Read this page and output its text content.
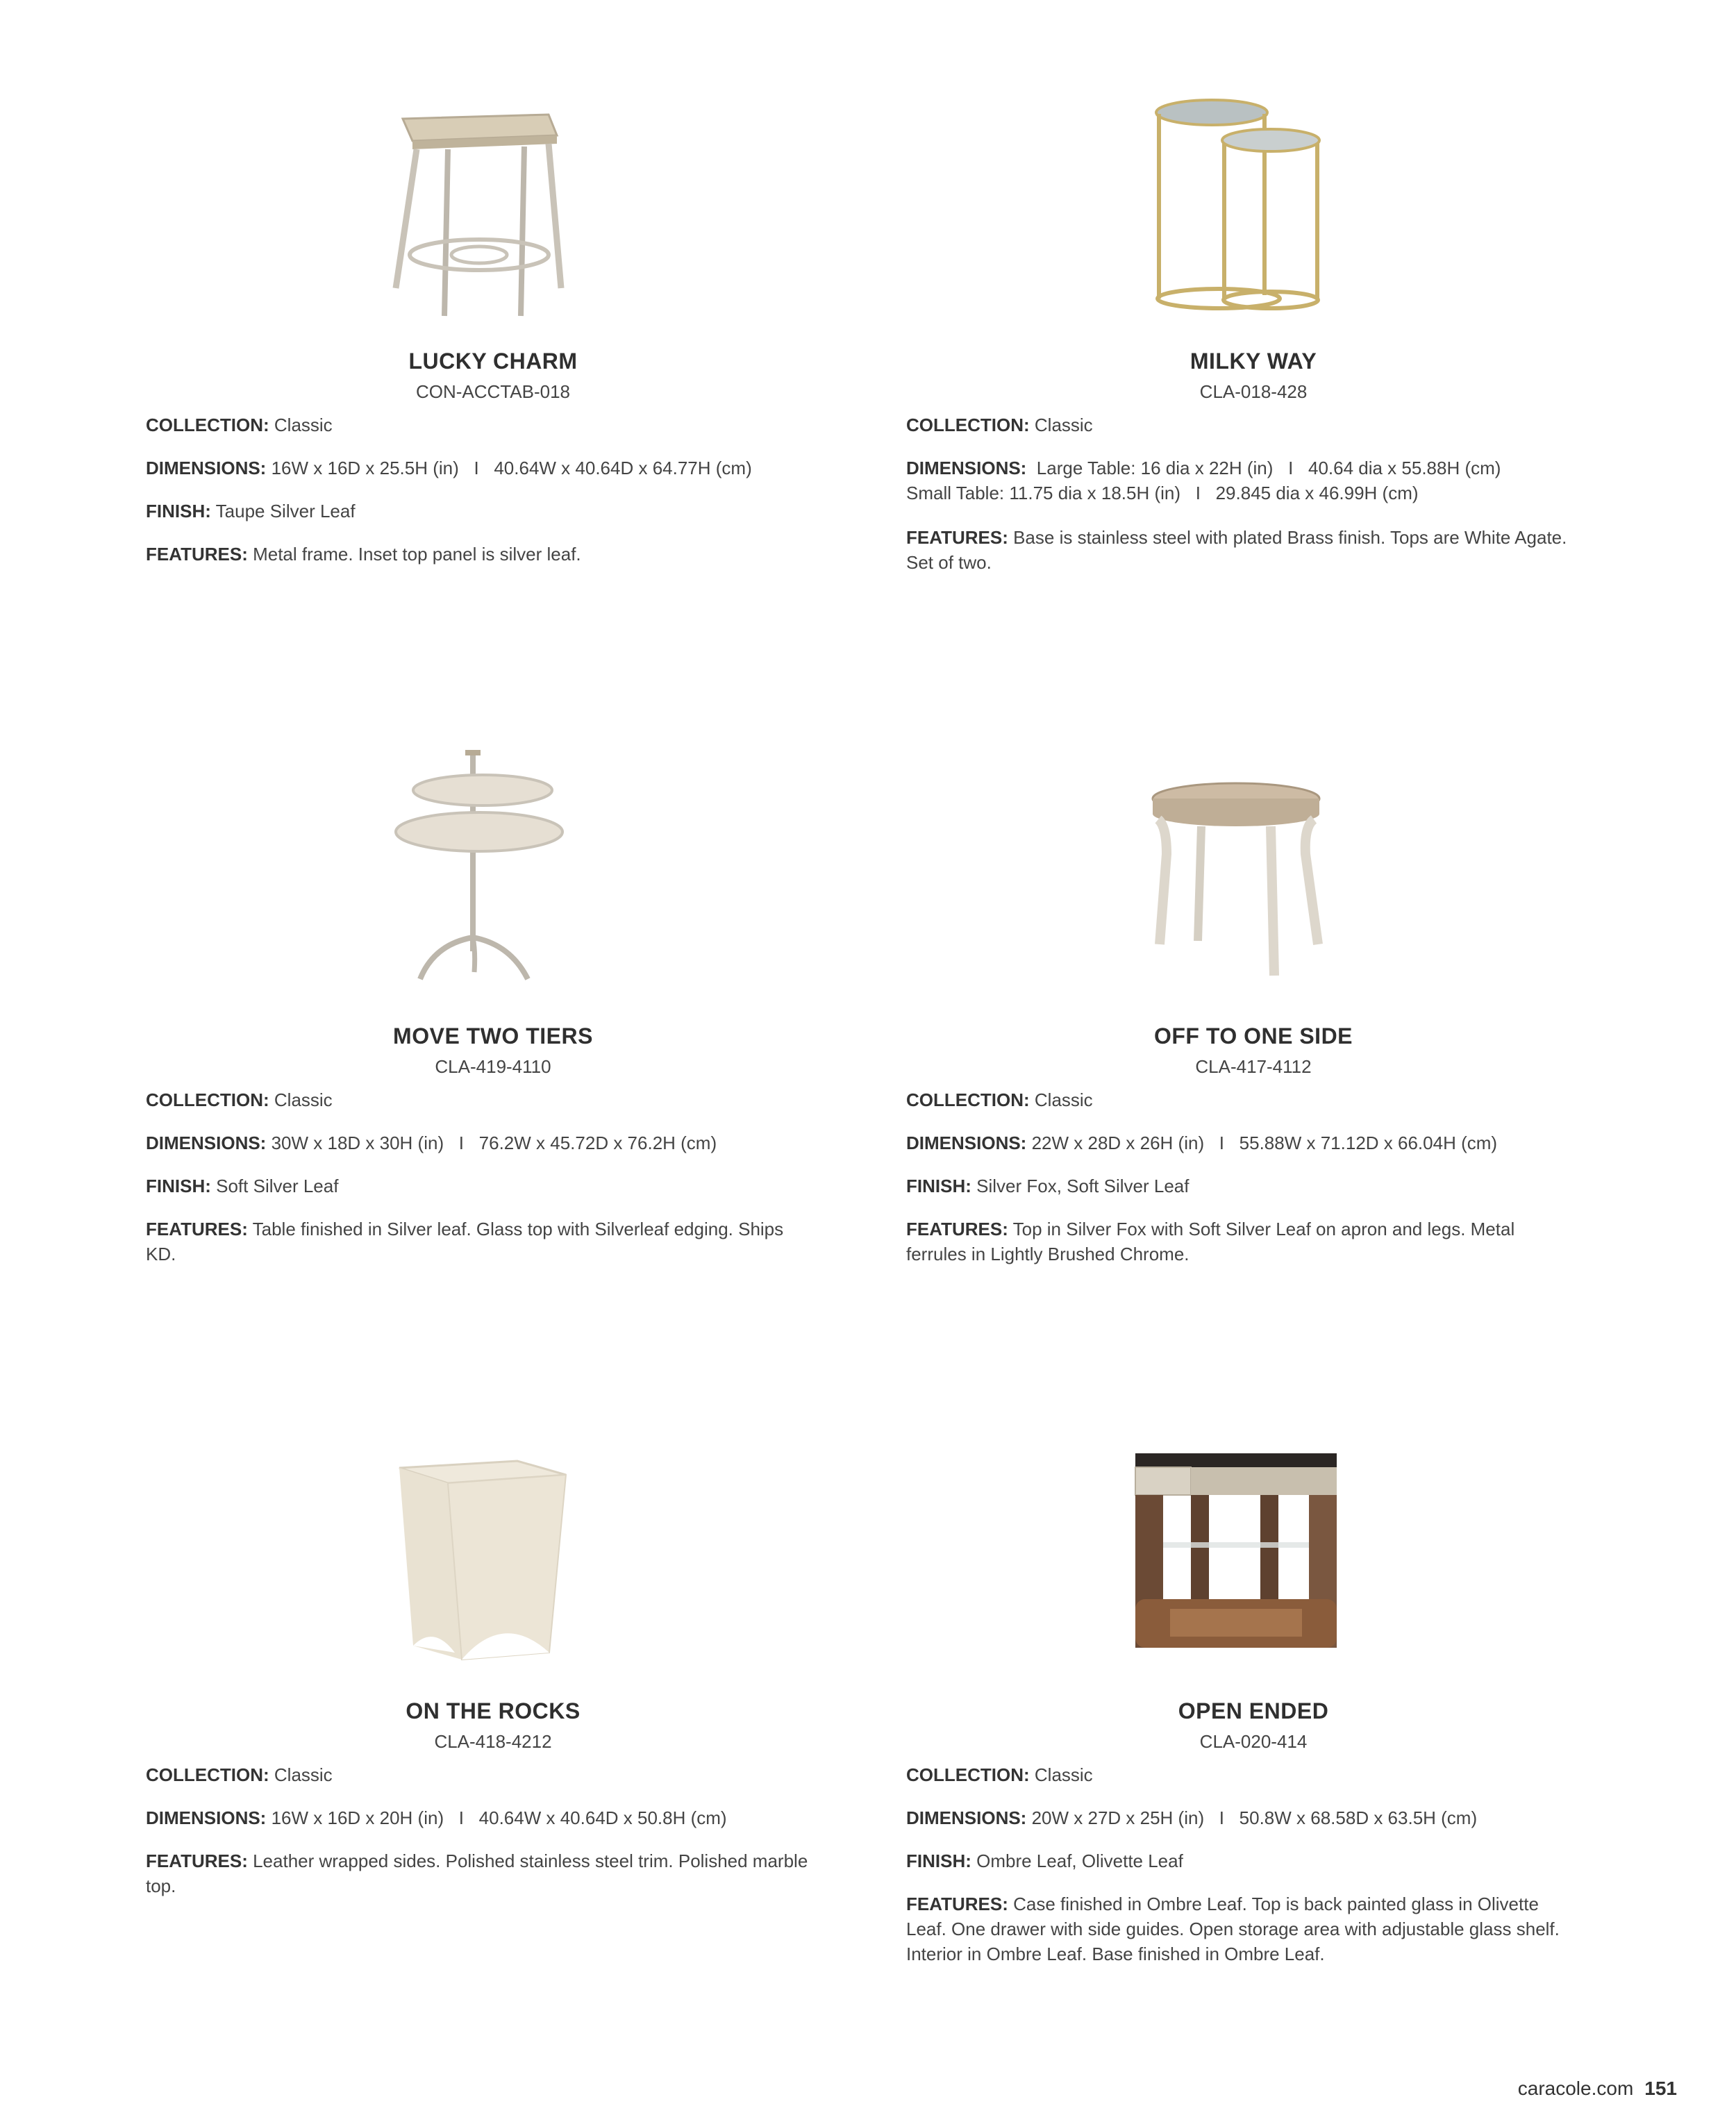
LUCKY CHARM
CON-ACCTAB-018
COLLECTION: Classic
DIMENSIONS: 16W x 16D x 25.5H (in)   I   40.64W x 40.64D x 64.77H (cm)
FINISH: Taupe Silver Leaf
FEATURES: Metal frame. Inset top panel is silver leaf.
MILKY WAY
CLA-018-428
COLLECTION: Classic
DIMENSIONS: Large Table: 16 dia x 22H (in)   I   40.64 dia x 55.88H (cm)
Small Table: 11.75 dia x 18.5H (in)   I   29.845 dia x 46.99H (cm)
FEATURES: Base is stainless steel with plated Brass finish. Tops are White Agate. Set of two.
MOVE TWO TIERS
CLA-419-4110
COLLECTION: Classic
DIMENSIONS: 30W x 18D x 30H (in)   I   76.2W x 45.72D x 76.2H (cm)
FINISH: Soft Silver Leaf
FEATURES: Table finished in Silver leaf. Glass top with Silverleaf edging. Ships KD.
OFF TO ONE SIDE
CLA-417-4112
COLLECTION: Classic
DIMENSIONS: 22W x 28D x 26H (in)   I   55.88W x 71.12D x 66.04H (cm)
FINISH: Silver Fox, Soft Silver Leaf
FEATURES: Top in Silver Fox with Soft Silver Leaf on apron and legs. Metal ferrules in Lightly Brushed Chrome.
ON THE ROCKS
CLA-418-4212
COLLECTION: Classic
DIMENSIONS: 16W x 16D x 20H (in)   I   40.64W x 40.64D x 50.8H (cm)
FEATURES: Leather wrapped sides. Polished stainless steel trim. Polished marble top.
OPEN ENDED
CLA-020-414
COLLECTION: Classic
DIMENSIONS: 20W x 27D x 25H (in)   I   50.8W x 68.58D x 63.5H (cm)
FINISH: Ombre Leaf, Olivette Leaf
FEATURES: Case finished in Ombre Leaf. Top is back painted glass in Olivette Leaf. One drawer with side guides. Open storage area with adjustable glass shelf. Interior in Ombre Leaf. Base finished in Ombre Leaf.
caracole.com 151
